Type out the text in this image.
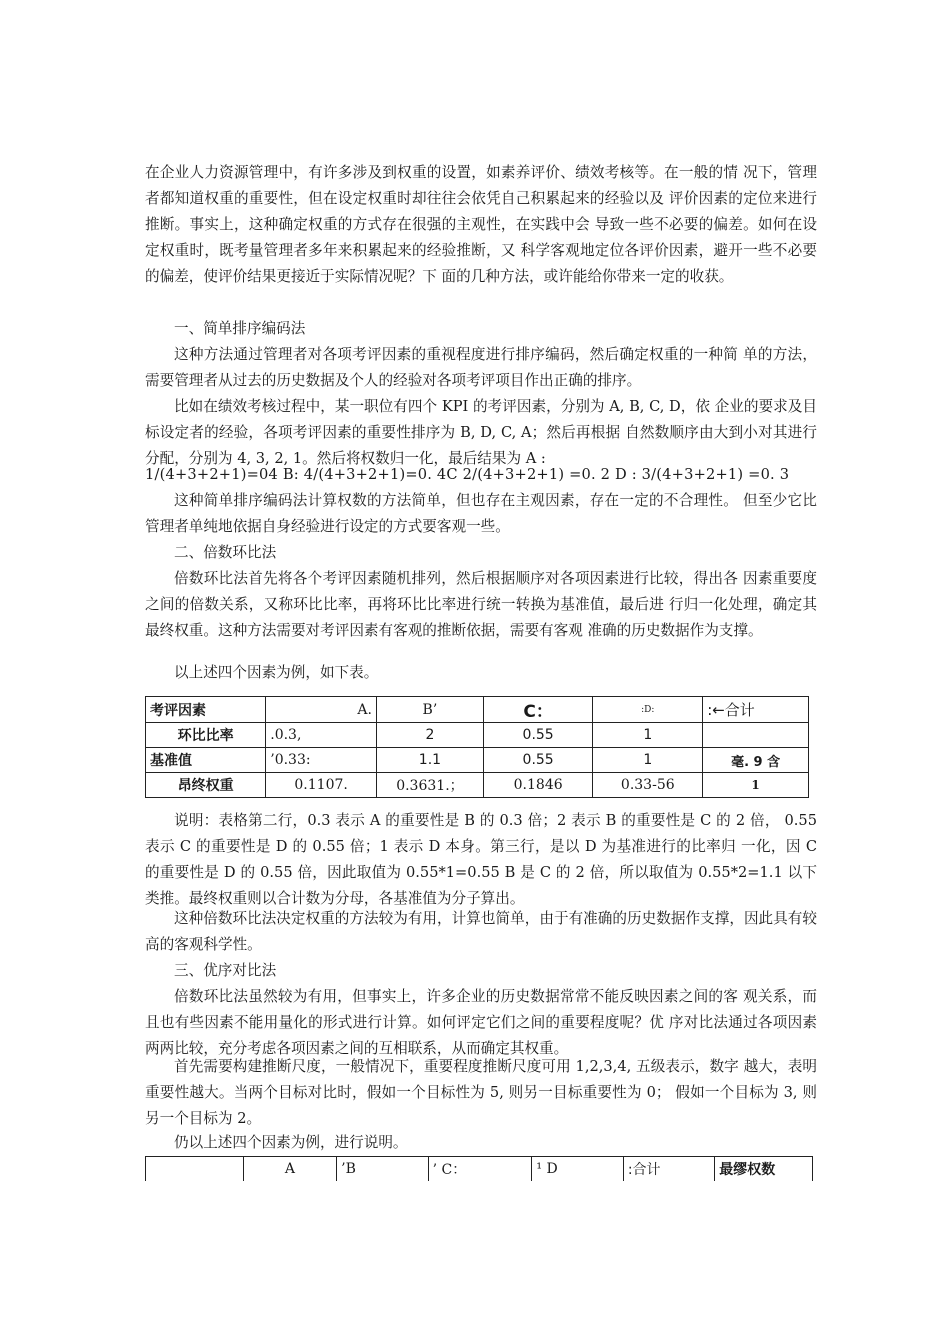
在企业人力资源管理中，有许多涉及到权重的设置，如素养评价、绩效考核等。在一般的情 况下，管理者都知道权重的重要性，但在设定权重时却往往会依凭自己积累起来的经验以及 评价因素的定位来进行推断。事实上，这种确定权重的方式存在很强的主观性，在实践中会 导致一些不必要的偏差。如何在设定权重时，既考量管理者多年来积累起来的经验推断，又 科学客观地定位各评价因素，避开一些不必要的偏差，使评价结果更接近于实际情况呢？下 面的几种方法，或许能给你带来一定的收获。

一、简单排序编码法

这种方法通过管理者对各项考评因素的重视程度进行排序编码，然后确定权重的一种简 单的方法，需要管理者从过去的历史数据及个人的经验对各项考评项目作出正确的排序。

比如在绩效考核过程中，某一职位有四个 KPI 的考评因素，分别为 A, B, C, D，依 企业的要求及目标设定者的经验，各项考评因素的重要性排序为 B, D, C, A；然后再根据 自然数顺序由大到小对其进行分配，分别为 4, 3, 2, 1。然后将权数归一化，最后结果为 A :

1/(4+3+2+1)=04 B: 4/(4+3+2+1)=0. 4C 2/(4+3+2+1) =0. 2 D : 3/(4+3+2+1) =0. 3

这种简单排序编码法计算权数的方法简单，但也存在主观因素，存在一定的不合理性。 但至少它比管理者单纯地依据自身经验进行设定的方式要客观一些。

二、倍数环比法

倍数环比法首先将各个考评因素随机排列，然后根据顺序对各项因素进行比较，得出各 因素重要度之间的倍数关系，又称环比比率，再将环比比率进行统一转换为基准值，最后进 行归一化处理，确定其最终权重。这种方法需要对考评因素有客观的推断依据，需要有客观 准确的历史数据作为支撑。

以上述四个因素为例，如下表。

考评因素	A.	B’	C：	:D:	:←合计
环比比率	.0.3,	2	0.55	1	
基准值	’0.33:	1.1	0.55	1	毫. 9 含
昂终权重	0.1107.	0.3631.；	0.1846	0.33-56	1

说明：表格第二行，0.3 表示 A 的重要性是 B 的 0.3 倍；2 表示 B 的重要性是 C 的 2 倍， 0.55 表示 C 的重要性是 D 的 0.55 倍；1 表示 D 本身。第三行，是以 D 为基准进行的比率归 一化，因 C 的重要性是 D 的 0.55 倍，因此取值为 0.55*1=0.55 B 是 C 的 2 倍，所以取值为 0.55*2=1.1 以下类推。最终权重则以合计数为分母，各基准值为分子算出。

这种倍数环比法决定权重的方法较为有用，计算也简单，由于有准确的历史数据作支撑，因此具有较高的客观科学性。

三、优序对比法

倍数环比法虽然较为有用，但事实上，许多企业的历史数据常常不能反映因素之间的客 观关系，而且也有些因素不能用量化的形式进行计算。如何评定它们之间的重要程度呢？优 序对比法通过各项因素两两比较，充分考虑各项因素之间的互相联系，从而确定其权重。

首先需要构建推断尺度，一般情况下，重要程度推断尺度可用 1,2,3,4, 五级表示，数字 越大，表明重要性越大。当两个目标对比时，假如一个目标性为 5, 则另一目标重要性为 0； 假如一个目标为 3, 则另一个目标为 2。

仍以上述四个因素为例，进行说明。

	A	’B	’ C：	¹ D	:合计	最缪权数
